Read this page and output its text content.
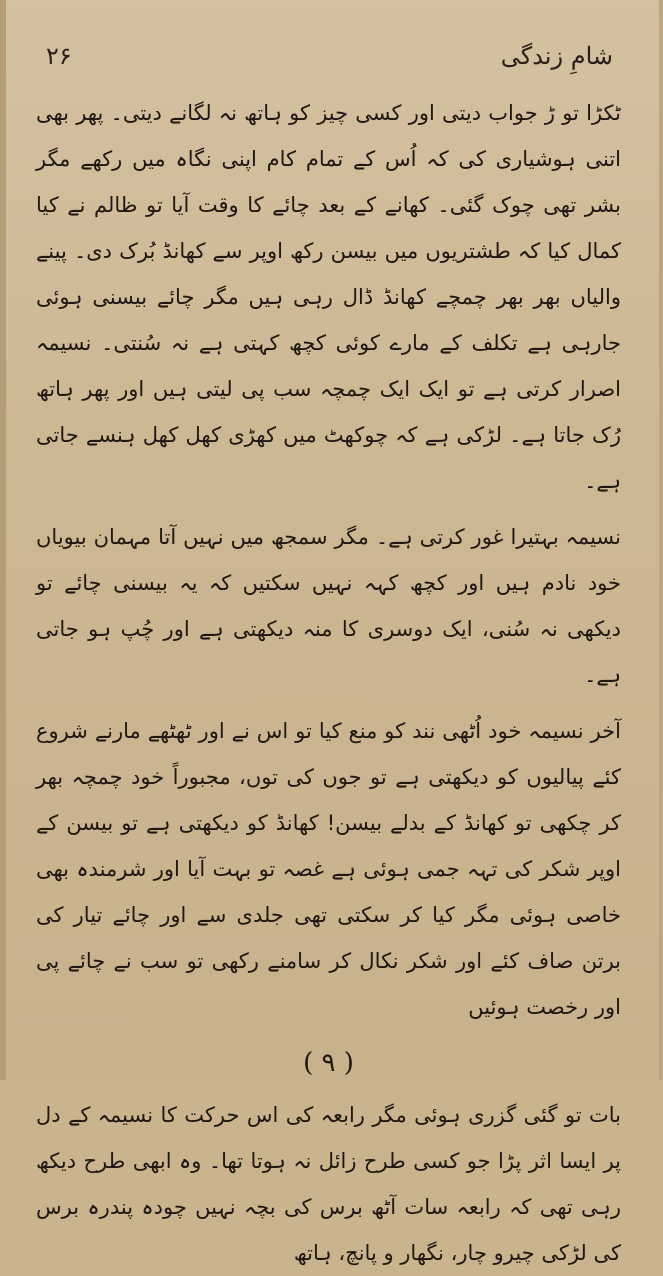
۲۶	شامِ زندگی

ٹکڑا تو ڑ جواب دیتی اور کسی چیز کو ہاتھ نہ لگانے دیتی۔ پھر بھی اتنی ہوشیاری کی کہ اُس کے تمام کام اپنی نگاہ میں رکھے مگر بشر تھی چوک گئی۔ کھانے کے بعد چائے کا وقت آیا تو ظالم نے کیا کمال کیا کہ طشتریوں میں بیسن رکھ اوپر سے کھانڈ بُرک دی۔ پینے والیاں بھر بھر چمچے کھانڈ ڈال رہی ہیں مگر چائے بیسنی ہوئی جارہی ہے تکلف کے مارے کوئی کچھ کہتی ہے نہ سُنتی۔ نسیمہ اصرار کرتی ہے تو ایک ایک چمچہ سب پی لیتی ہیں اور پھر ہاتھ رُک جاتا ہے۔ لڑکی ہے کہ چوکھٹ میں کھڑی کھل کھل ہنسے جاتی ہے۔

نسیمہ بہتیرا غور کرتی ہے۔ مگر سمجھ میں نہیں آتا مہمان بیویاں خود نادم ہیں اور کچھ کہہ نہیں سکتیں کہ یہ بیسنی چائے تو دیکھی نہ سُنی، ایک دوسری کا منہ دیکھتی ہے اور چُپ ہو جاتی ہے۔

آخر نسیمہ خود اُٹھی نند کو منع کیا تو اس نے اور ٹھٹھے مارنے شروع کئے پیالیوں کو دیکھتی ہے تو جوں کی توں، مجبوراً خود چمچہ بھر کر چکھی تو کھانڈ کے بدلے بیسن! کھانڈ کو دیکھتی ہے تو بیسن کے اوپر شکر کی تہہ جمی ہوئی ہے غصہ تو بہت آیا اور شرمندہ بھی خاصی ہوئی مگر کیا کر سکتی تھی جلدی سے اور چائے تیار کی برتن صاف کئے اور شکر نکال کر سامنے رکھی تو سب نے چائے پی اور رخصت ہوئیں

( ۹ )

بات تو گئی گزری ہوئی مگر رابعہ کی اس حرکت کا نسیمہ کے دل پر ایسا اثر پڑا جو کسی طرح زائل نہ ہوتا تھا۔ وہ ابھی طرح دیکھ رہی تھی کہ رابعہ سات آٹھ برس کی بچہ نہیں چودہ پندرہ برس کی لڑکی چیرو چار، نگھار و پانچ، ہاتھ
